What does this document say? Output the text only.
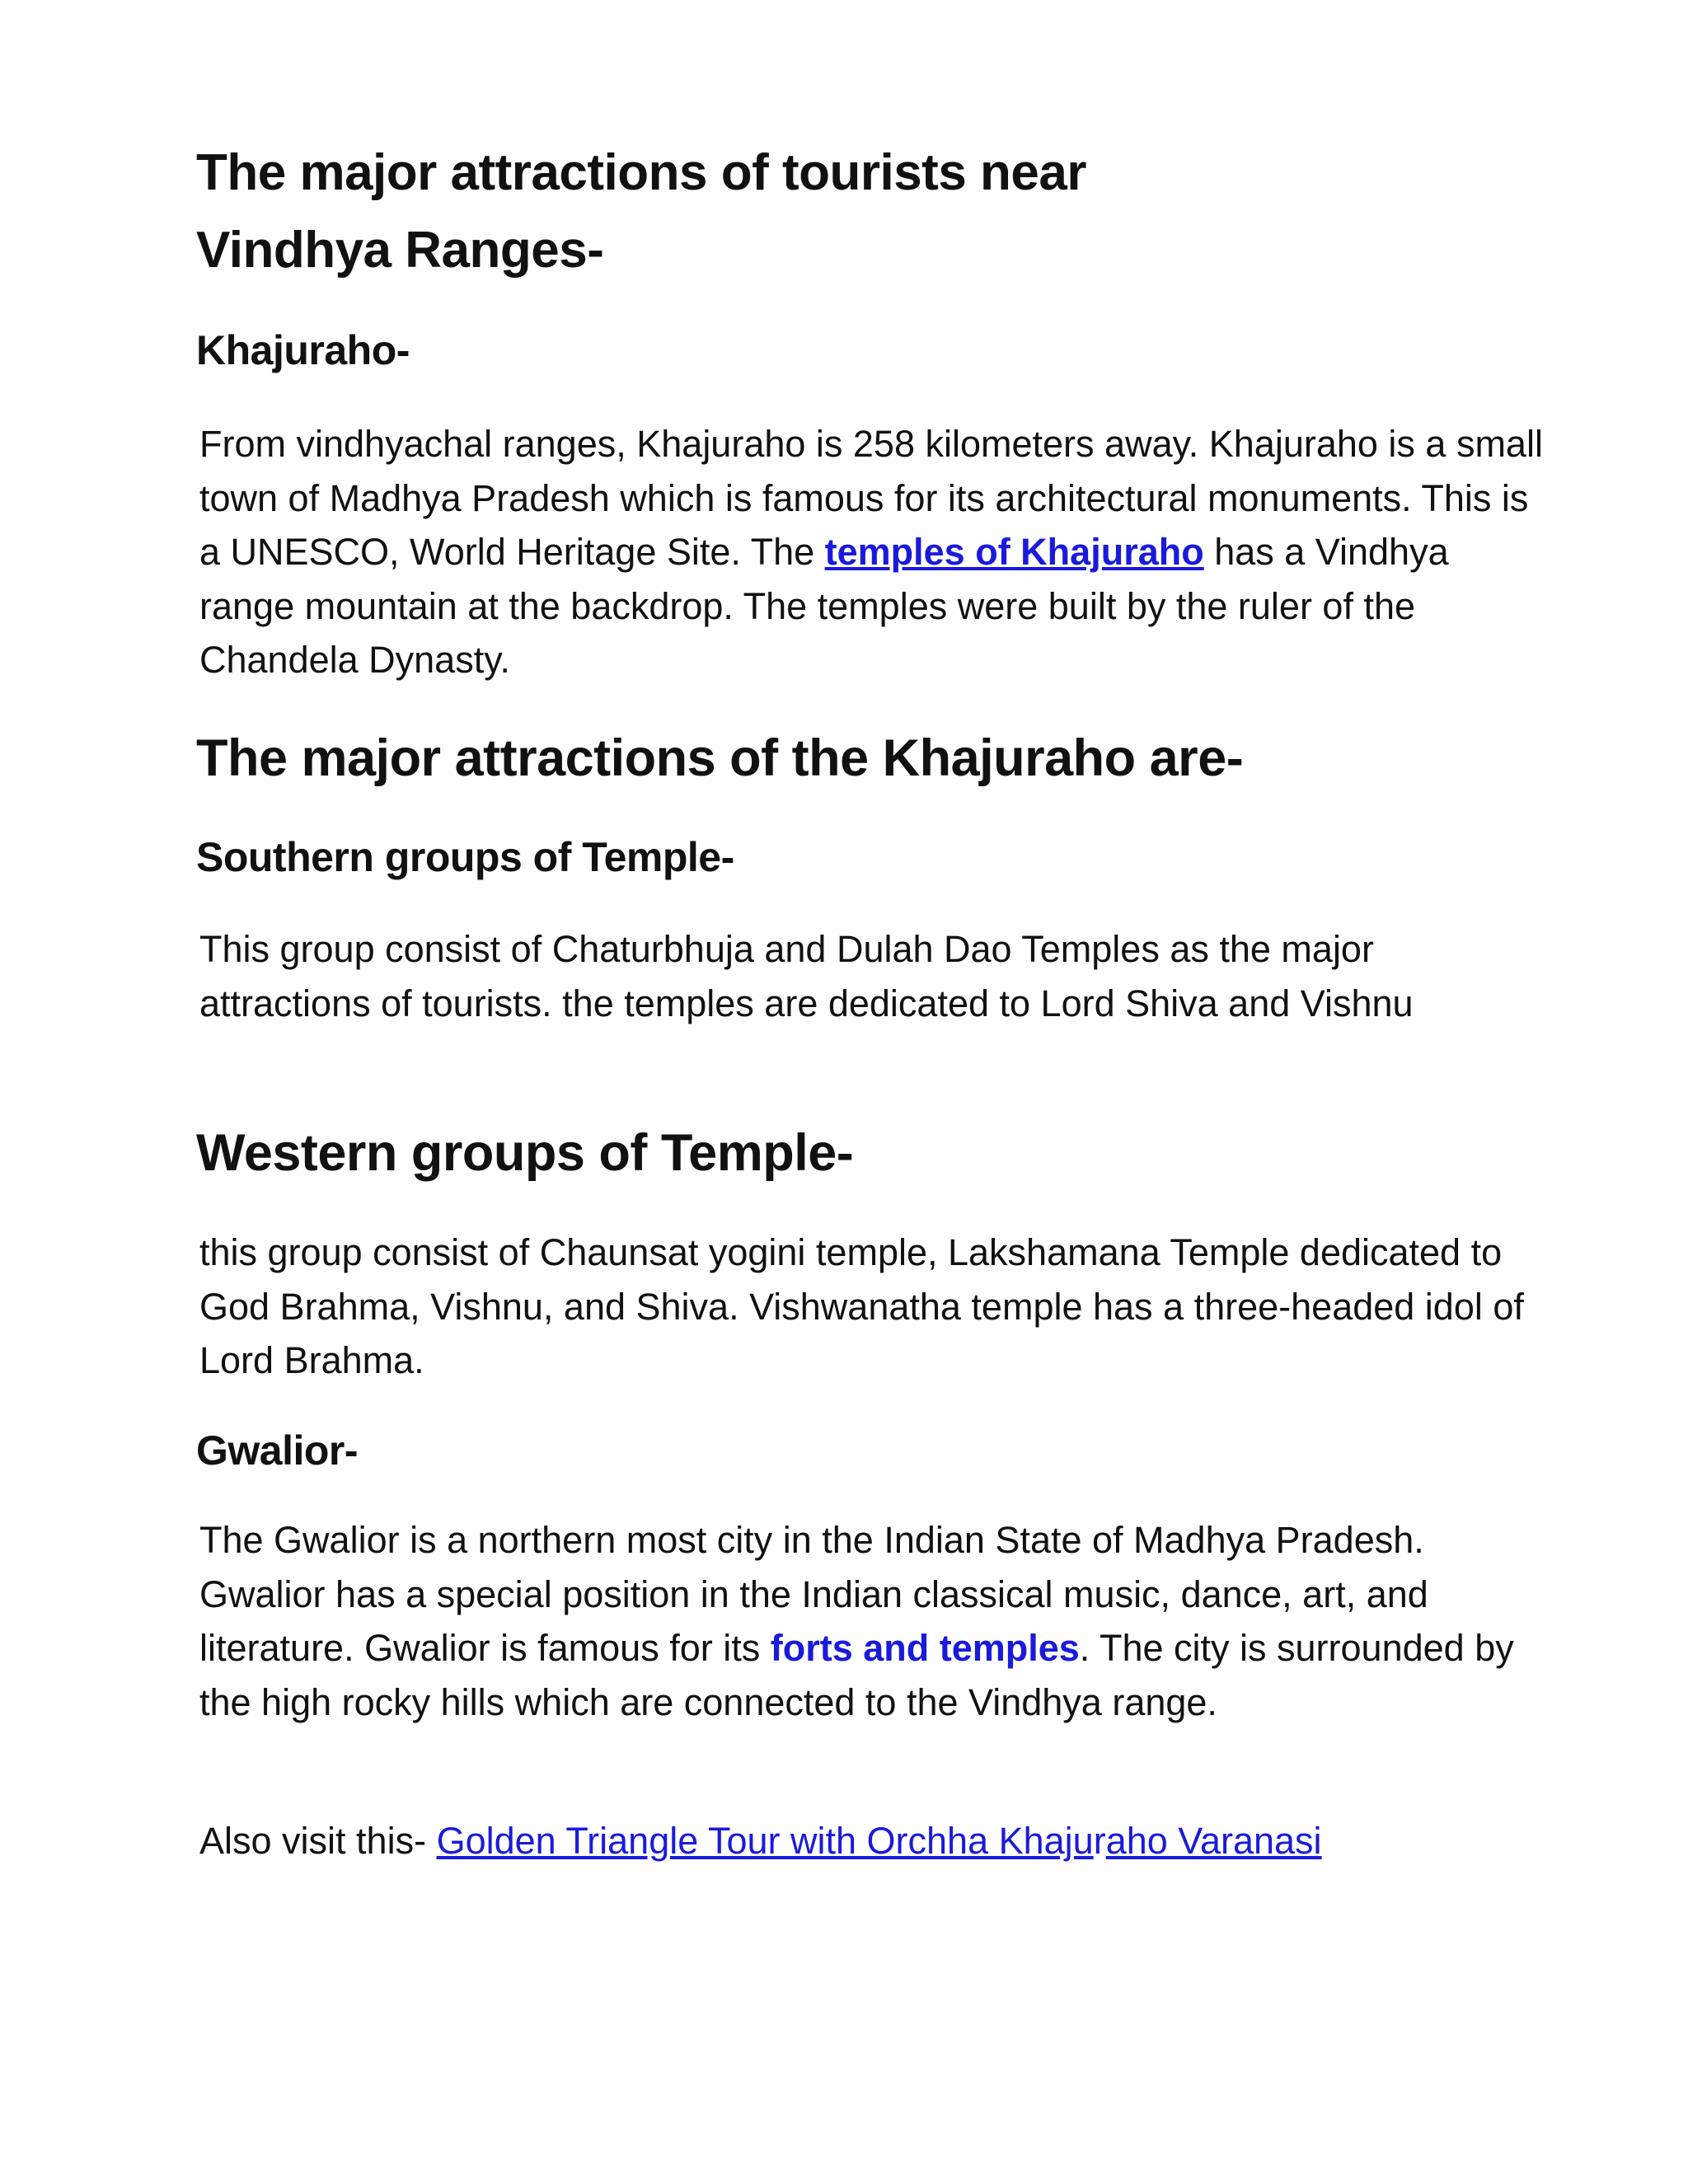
The major attractions of tourists near
Vindhya Ranges-
Khajuraho-

From vindhyachal ranges, Khajuraho is 258 kilometers away. Khajuraho is a small town of Madhya Pradesh which is famous for its architectural monuments. This is a UNESCO, World Heritage Site. The temples of Khajuraho has a Vindhya range mountain at the backdrop. The temples were built by the ruler of the Chandela Dynasty.

The major attractions of the Khajuraho are-
Southern groups of Temple-

This group consist of Chaturbhuja and Dulah Dao Temples as the major attractions of tourists. the temples are dedicated to Lord Shiva and Vishnu

Western groups of Temple-

this group consist of Chaunsat yogini temple, Lakshamana Temple dedicated to God Brahma, Vishnu, and Shiva. Vishwanatha temple has a three-headed idol of Lord Brahma.

Gwalior-

The Gwalior is a northern most city in the Indian State of Madhya Pradesh. Gwalior has a special position in the Indian classical music, dance, art, and literature. Gwalior is famous for its forts and temples. The city is surrounded by the high rocky hills which are connected to the Vindhya range.

Also visit this- Golden Triangle Tour with Orchha Khajuraho Varanasi
